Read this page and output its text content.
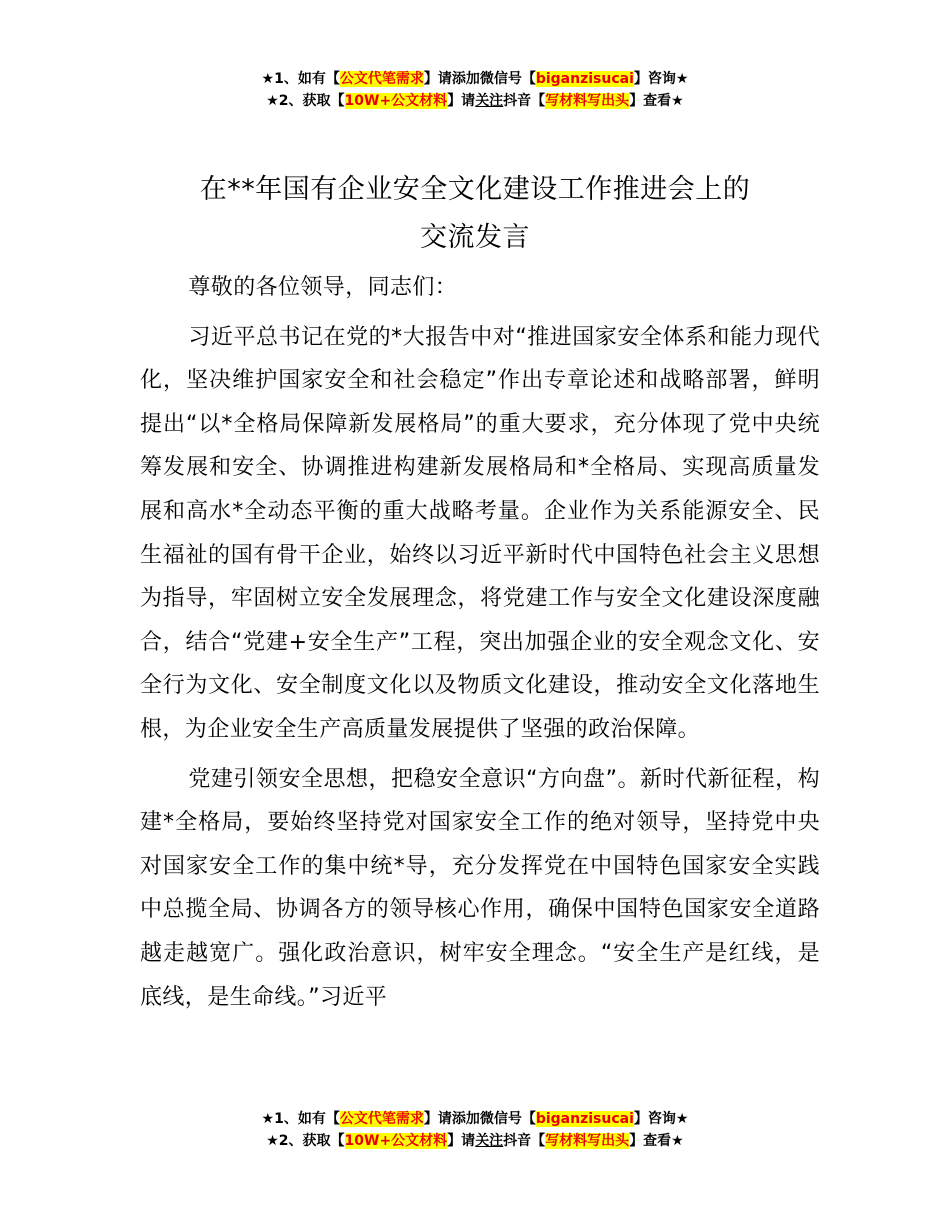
★1、如有【公文代笔需求】请添加微信号【biganzisucai】咨询★
★2、获取【10W+公文材料】请关注抖音【写材料写出头】查看★
在**年国有企业安全文化建设工作推进会上的
交流发言

尊敬的各位领导，同志们：

习近平总书记在党的*大报告中对“推进国家安全体系和能力现代化，坚决维护国家安全和社会稳定”作出专章论述和战略部署，鲜明提出“以*全格局保障新发展格局”的重大要求，充分体现了党中央统筹发展和安全、协调推进构建新发展格局和*全格局、实现高质量发展和高水*全动态平衡的重大战略考量。企业作为关系能源安全、民生福祉的国有骨干企业，始终以习近平新时代中国特色社会主义思想为指导，牢固树立安全发展理念，将党建工作与安全文化建设深度融合，结合“党建+安全生产”工程，突出加强企业的安全观念文化、安全行为文化、安全制度文化以及物质文化建设，推动安全文化落地生根，为企业安全生产高质量发展提供了坚强的政治保障。

党建引领安全思想，把稳安全意识“方向盘”。新时代新征程，构建*全格局，要始终坚持党对国家安全工作的绝对领导，坚持党中央对国家安全工作的集中统*导，充分发挥党在中国特色国家安全实践中总揽全局、协调各方的领导核心作用，确保中国特色国家安全道路越走越宽广。强化政治意识，树牢安全理念。“安全生产是红线，是底线，是生命线。”习近平

★1、如有【公文代笔需求】请添加微信号【biganzisucai】咨询★
★2、获取【10W+公文材料】请关注抖音【写材料写出头】查看★
